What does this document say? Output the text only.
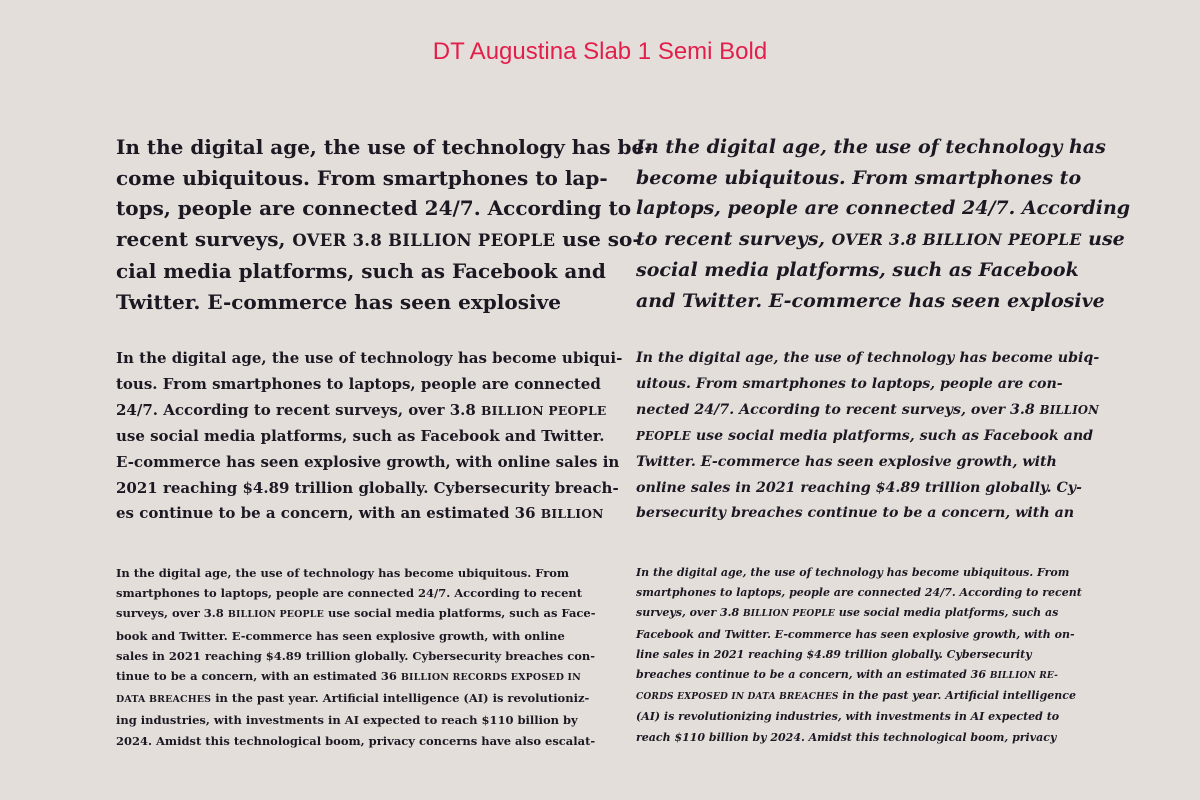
DT Augustina Slab 1 Semi Bold

In the digital age, the use of technology has be-
come ubiquitous. From smartphones to lap-
tops, people are connected 24/7. According to
recent surveys, OVER 3.8 BILLION PEOPLE use so-
cial media platforms, such as Facebook and
Twitter. E-commerce has seen explosive

In the digital age, the use of technology has become ubiqui-
tous. From smartphones to laptops, people are connected
24/7. According to recent surveys, over 3.8 BILLION PEOPLE
use social media platforms, such as Facebook and Twitter.
E-commerce has seen explosive growth, with online sales in
2021 reaching $4.89 trillion globally. Cybersecurity breach-
es continue to be a concern, with an estimated 36 BILLION

In the digital age, the use of technology has become ubiquitous. From
smartphones to laptops, people are connected 24/7. According to recent
surveys, over 3.8 BILLION PEOPLE use social media platforms, such as Face-
book and Twitter. E-commerce has seen explosive growth, with online
sales in 2021 reaching $4.89 trillion globally. Cybersecurity breaches con-
tinue to be a concern, with an estimated 36 BILLION RECORDS EXPOSED IN
DATA BREACHES in the past year. Artificial intelligence (AI) is revolutioniz-
ing industries, with investments in AI expected to reach $110 billion by
2024. Amidst this technological boom, privacy concerns have also escalat-

In the digital age, the use of technology has
become ubiquitous. From smartphones to
laptops, people are connected 24/7. According
to recent surveys, OVER 3.8 BILLION PEOPLE use
social media platforms, such as Facebook
and Twitter. E-commerce has seen explosive

In the digital age, the use of technology has become ubiq-
uitous. From smartphones to laptops, people are con-
nected 24/7. According to recent surveys, over 3.8 BILLION
PEOPLE use social media platforms, such as Facebook and
Twitter. E-commerce has seen explosive growth, with
online sales in 2021 reaching $4.89 trillion globally. Cy-
bersecurity breaches continue to be a concern, with an

In the digital age, the use of technology has become ubiquitous. From
smartphones to laptops, people are connected 24/7. According to recent
surveys, over 3.8 BILLION PEOPLE use social media platforms, such as
Facebook and Twitter. E-commerce has seen explosive growth, with on-
line sales in 2021 reaching $4.89 trillion globally. Cybersecurity
breaches continue to be a concern, with an estimated 36 BILLION RE-
CORDS EXPOSED IN DATA BREACHES in the past year. Artificial intelligence
(AI) is revolutionizing industries, with investments in AI expected to
reach $110 billion by 2024. Amidst this technological boom, privacy
